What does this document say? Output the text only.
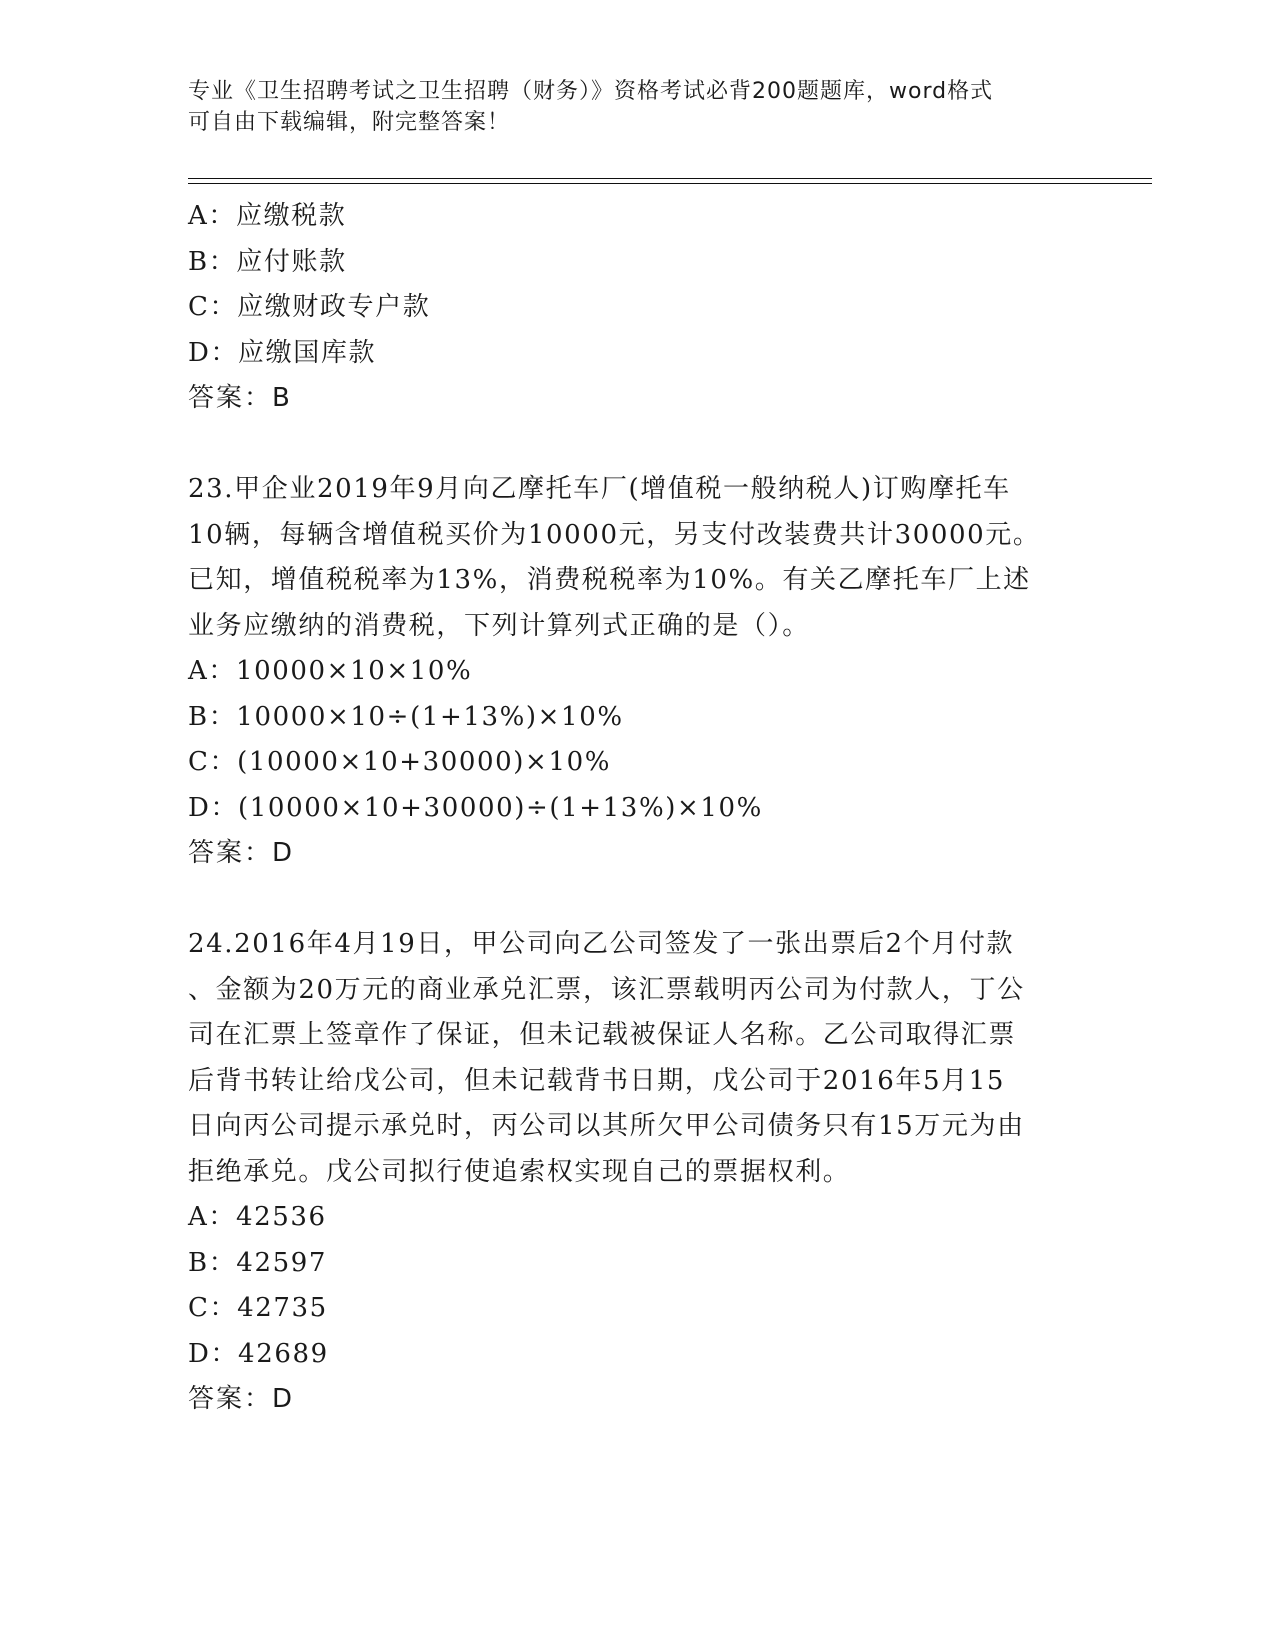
专业《卫生招聘考试之卫生招聘（财务）》资格考试必背200题题库，word格式
可自由下载编辑，附完整答案！
A：应缴税款
B：应付账款
C：应缴财政专户款
D：应缴国库款
答案：B
23.甲企业2019年9月向乙摩托车厂(增值税一般纳税人)订购摩托车
10辆，每辆含增值税买价为10000元，另支付改装费共计30000元。
已知，增值税税率为13%，消费税税率为10%。有关乙摩托车厂上述
业务应缴纳的消费税，下列计算列式正确的是（）。
A：10000×10×10%
B：10000×10÷(1+13%)×10%
C：(10000×10+30000)×10%
D：(10000×10+30000)÷(1+13%)×10%
答案：D
24.2016年4月19日，甲公司向乙公司签发了一张出票后2个月付款
、金额为20万元的商业承兑汇票，该汇票载明丙公司为付款人，丁公
司在汇票上签章作了保证，但未记载被保证人名称。乙公司取得汇票
后背书转让给戊公司，但未记载背书日期，戊公司于2016年5月15
日向丙公司提示承兑时，丙公司以其所欠甲公司债务只有15万元为由
拒绝承兑。戊公司拟行使追索权实现自己的票据权利。
A：42536
B：42597
C：42735
D：42689
答案：D
